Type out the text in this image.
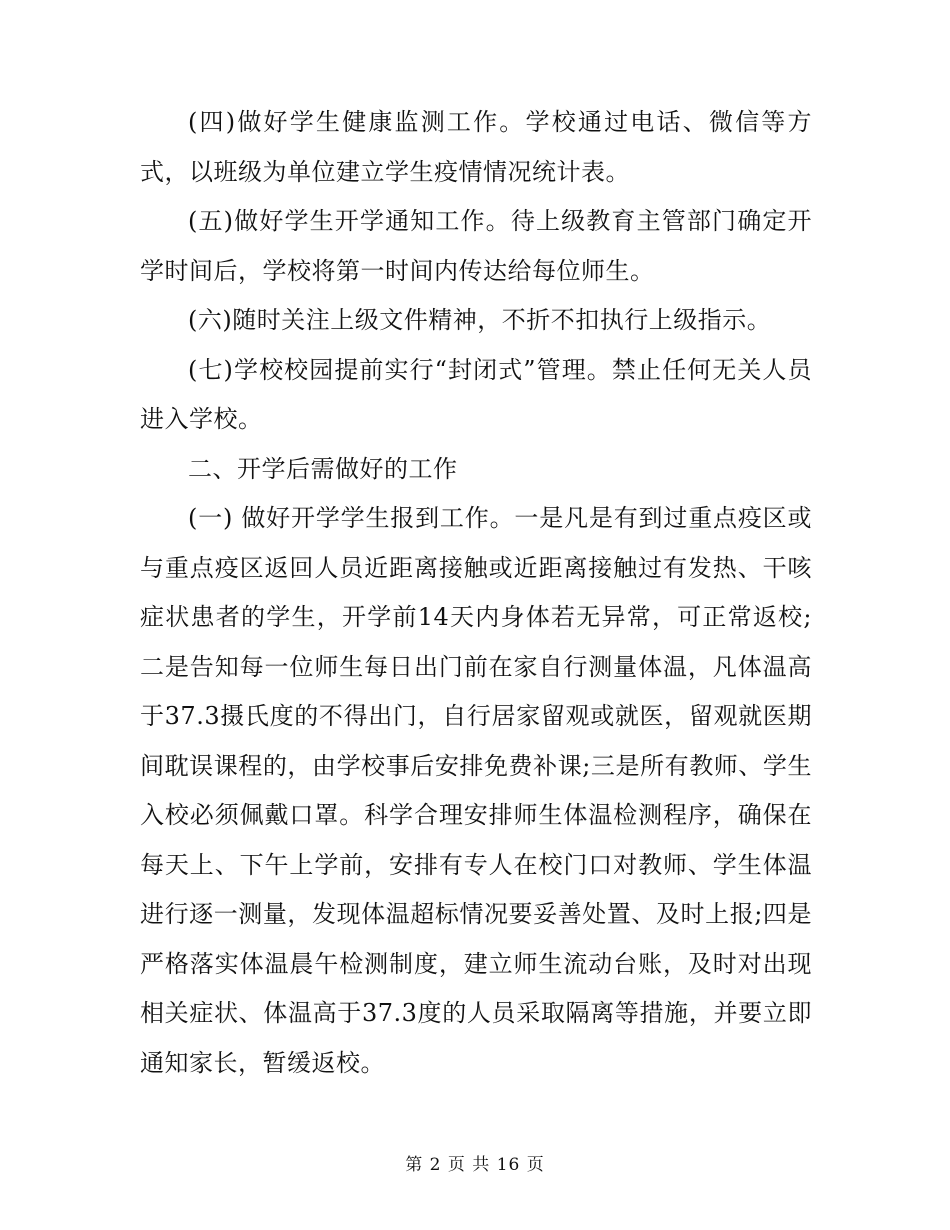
(四)做好学生健康监测工作。学校通过电话、微信等方式，以班级为单位建立学生疫情情况统计表。

(五)做好学生开学通知工作。待上级教育主管部门确定开学时间后，学校将第一时间内传达给每位师生。

(六)随时关注上级文件精神，不折不扣执行上级指示。

(七)学校校园提前实行“封闭式”管理。禁止任何无关人员进入学校。

二、开学后需做好的工作

(一) 做好开学学生报到工作。一是凡是有到过重点疫区或与重点疫区返回人员近距离接触或近距离接触过有发热、干咳症状患者的学生，开学前14天内身体若无异常，可正常返校;二是告知每一位师生每日出门前在家自行测量体温，凡体温高于37.3摄氏度的不得出门，自行居家留观或就医，留观就医期间耽误课程的，由学校事后安排免费补课;三是所有教师、学生入校必须佩戴口罩。科学合理安排师生体温检测程序，确保在每天上、下午上学前，安排有专人在校门口对教师、学生体温进行逐一测量，发现体温超标情况要妥善处置、及时上报;四是严格落实体温晨午检测制度，建立师生流动台账，及时对出现相关症状、体温高于37.3度的人员采取隔离等措施，并要立即通知家长，暂缓返校。

第 2 页 共 16 页
